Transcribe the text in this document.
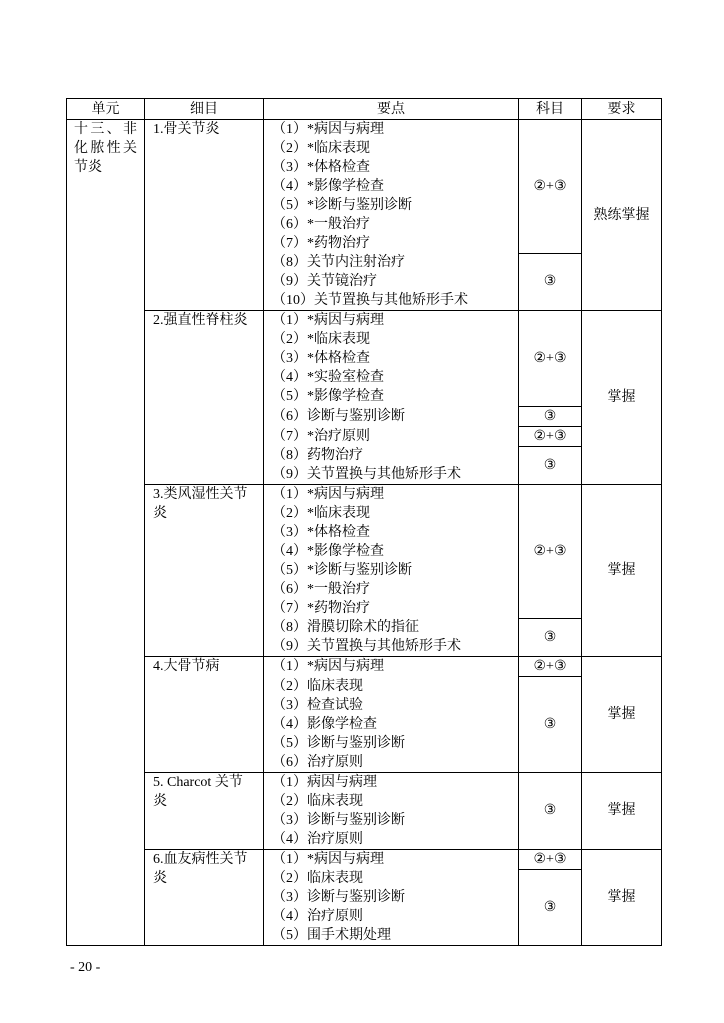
单元	细目	要点	科目	要求
十三、非化脓性关节炎	1.骨关节炎	（1）*病因与病理	②+③	熟练掌握
		（2）*临床表现		
		（3）*体格检查		
		（4）*影像学检查		
		（5）*诊断与鉴别诊断		
		（6）*一般治疗		
		（7）*药物治疗		
		（8）关节内注射治疗	③	
		（9）关节镜治疗		
		（10）关节置换与其他矫形手术		
	2.强直性脊柱炎	（1）*病因与病理	②+③	掌握
		（2）*临床表现		
		（3）*体格检查		
		（4）*实验室检查		
		（5）*影像学检查		
		（6）诊断与鉴别诊断	③	
		（7）*治疗原则	②+③	
		（8）药物治疗	③	
		（9）关节置换与其他矫形手术		
	3.类风湿性关节炎	（1）*病因与病理	②+③	掌握
		（2）*临床表现		
		（3）*体格检查		
		（4）*影像学检查		
		（5）*诊断与鉴别诊断		
		（6）*一般治疗		
		（7）*药物治疗		
		（8）滑膜切除术的指征	③	
		（9）关节置换与其他矫形手术		
	4.大骨节病	（1）*病因与病理	②+③	掌握
		（2）临床表现	③	
		（3）检查试验		
		（4）影像学检查		
		（5）诊断与鉴别诊断		
		（6）治疗原则		
	5. Charcot 关节炎	（1）病因与病理	③	掌握
		（2）临床表现		
		（3）诊断与鉴别诊断		
		（4）治疗原则		
	6.血友病性关节炎	（1）*病因与病理	②+③	掌握
		（2）临床表现	③	
		（3）诊断与鉴别诊断		
		（4）治疗原则		
		（5）围手术期处理		
- 20 -
